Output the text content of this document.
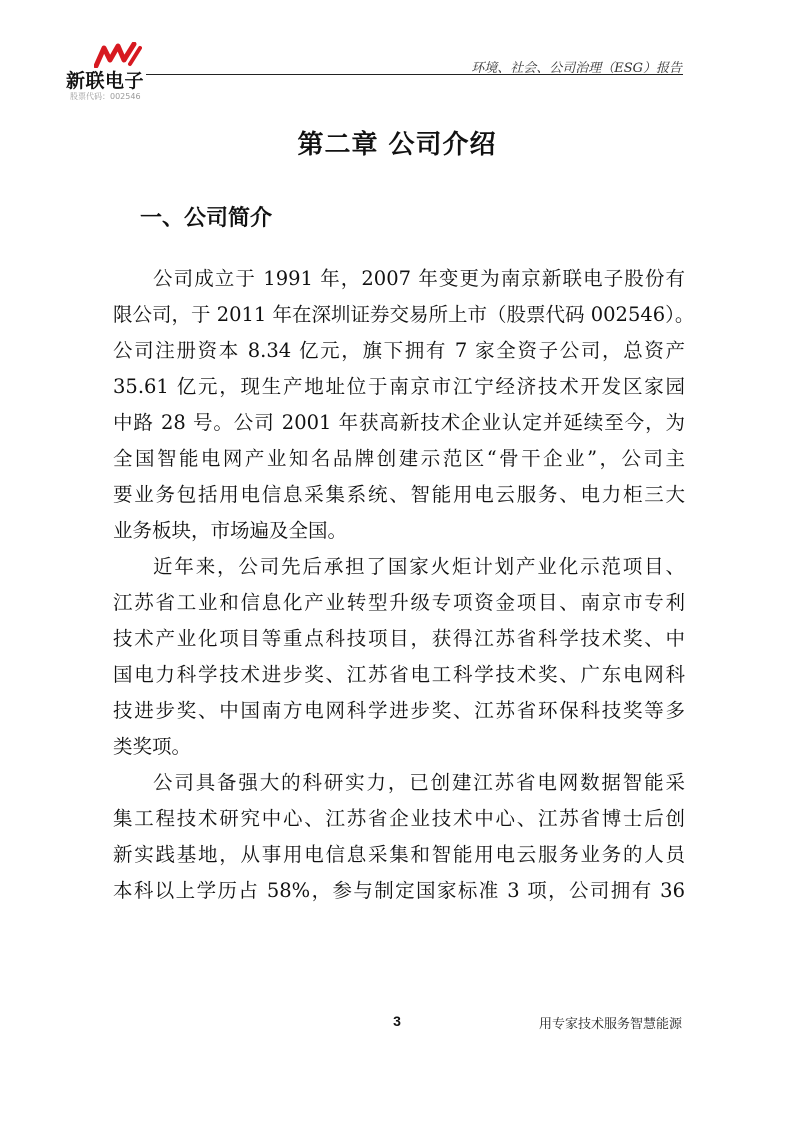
新联电子
股票代码：002546
环境、社会、公司治理（ESG）报告
第二章 公司介绍
一、公司简介
公司成立于 1991 年，2007 年变更为南京新联电子股份有
限公司，于 2011 年在深圳证券交易所上市（股票代码 002546）。
公司注册资本 8.34 亿元，旗下拥有 7 家全资子公司，总资产
35.61 亿元，现生产地址位于南京市江宁经济技术开发区家园
中路 28 号。公司 2001 年获高新技术企业认定并延续至今，为
全国智能电网产业知名品牌创建示范区“骨干企业”，公司主
要业务包括用电信息采集系统、智能用电云服务、电力柜三大
业务板块，市场遍及全国。
近年来，公司先后承担了国家火炬计划产业化示范项目、
江苏省工业和信息化产业转型升级专项资金项目、南京市专利
技术产业化项目等重点科技项目，获得江苏省科学技术奖、中
国电力科学技术进步奖、江苏省电工科学技术奖、广东电网科
技进步奖、中国南方电网科学进步奖、江苏省环保科技奖等多
类奖项。
公司具备强大的科研实力，已创建江苏省电网数据智能采
集工程技术研究中心、江苏省企业技术中心、江苏省博士后创
新实践基地，从事用电信息采集和智能用电云服务业务的人员
本科以上学历占 58%，参与制定国家标准 3 项，公司拥有 36
3	用专家技术服务智慧能源
